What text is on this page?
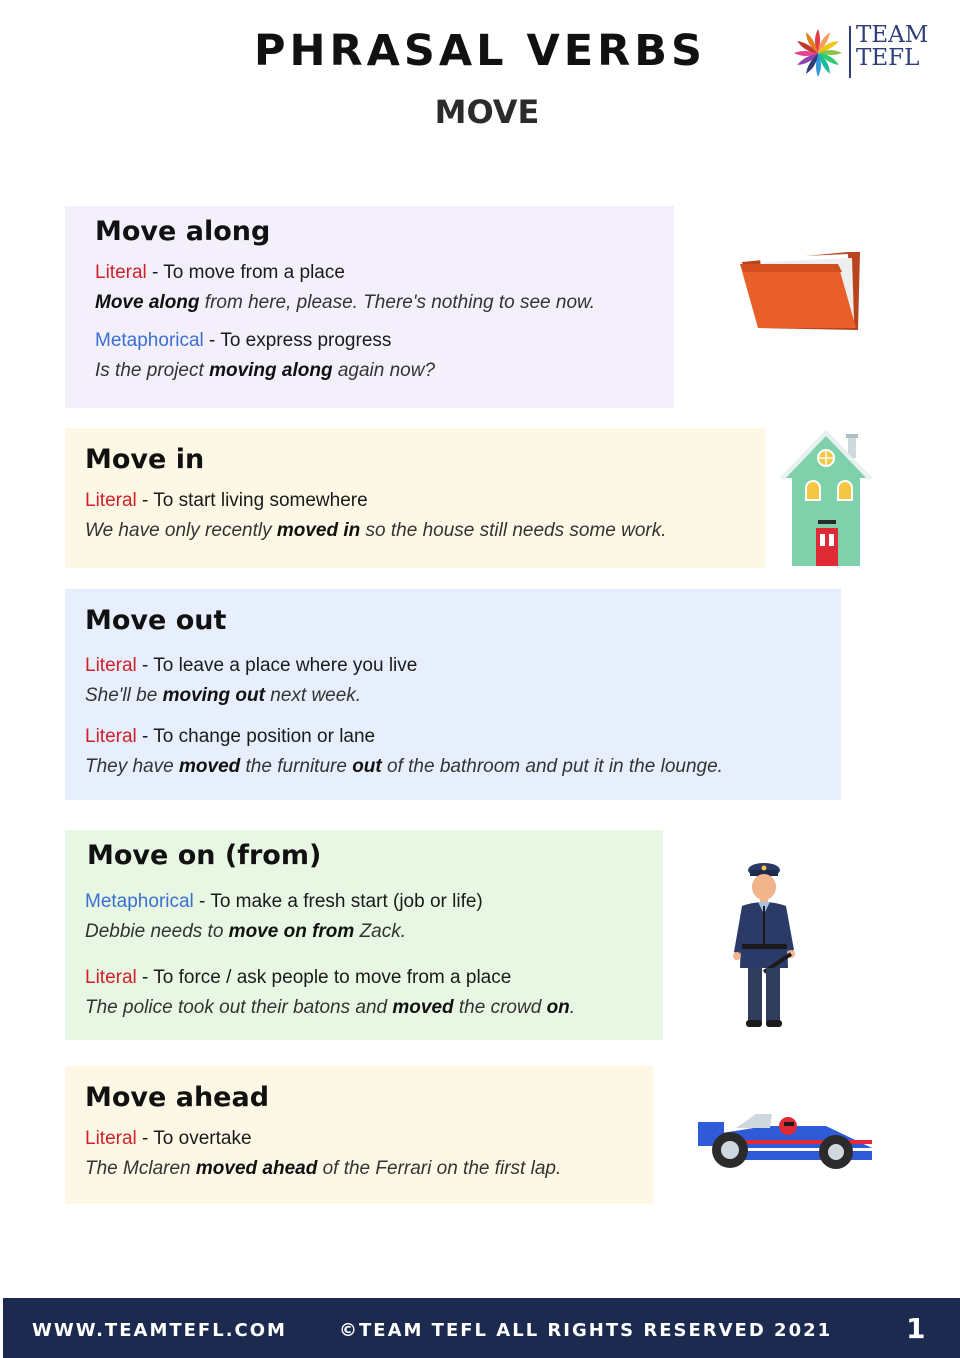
PHRASAL VERBS
MOVE
TEAM
TEFL
Move along
Literal - To move from a place
Move along from here, please. There's nothing to see now.
Metaphorical - To express progress
Is the project moving along again now?
Move in
Literal - To start living somewhere
We have only recently moved in so the house still needs some work.
Move out
Literal - To leave a place where you live
She'll be moving out next week.
Literal - To change position or lane
They have moved the furniture out of the bathroom and put it in the lounge.
Move on (from)
Metaphorical - To make a fresh start (job or life)
Debbie needs to move on from Zack.
Literal - To force / ask people to move from a place
The police took out their batons and moved the crowd on.
Move ahead
Literal - To overtake
The Mclaren moved ahead of the Ferrari on the first lap.
WWW.TEAMTEFL.COM	©TEAM TEFL ALL RIGHTS RESERVED 2021	1
